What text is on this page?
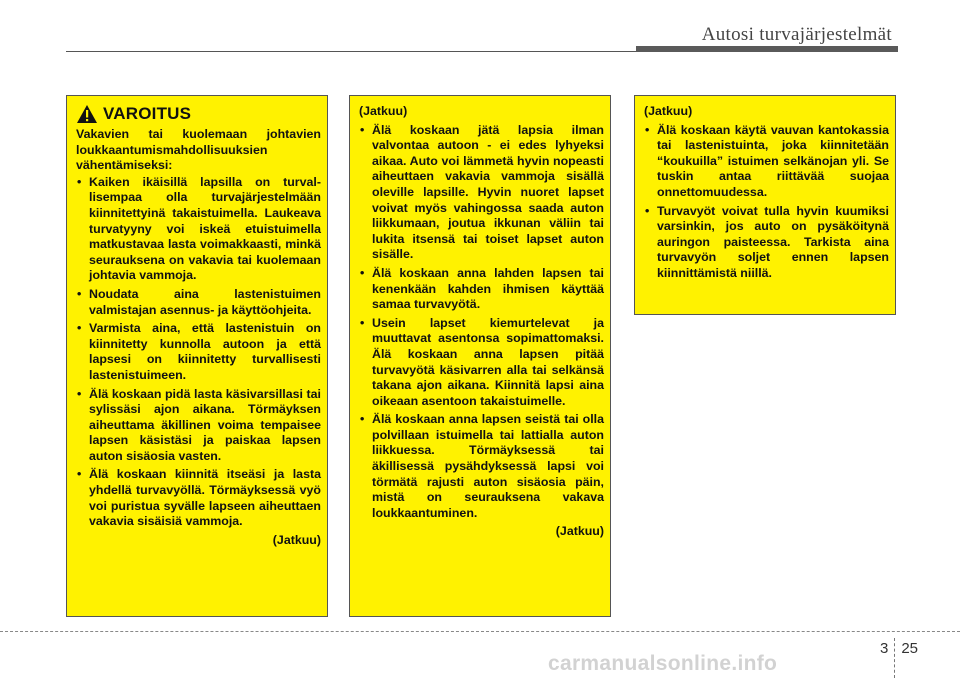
Autosi turvajärjestelmät
VAROITUS

Vakavien tai kuolemaan johtavien loukkaantumismahdollisuuksien vähentämiseksi:

• Kaiken ikäisillä lapsilla on turvallisempaa olla turvajärjestelmään kiinnitettyinä takaistuimella. Laukeava turvatyyny voi iskeä etuistuimella matkustavaa lasta voimakkaasti, minkä seurauksena on vakavia tai kuolemaan johtavia vammoja.
• Noudata aina lastenistuimen valmistajan asennus- ja käyttöohjeita.
• Varmista aina, että lastenistuin on kiinnitetty kunnolla autoon ja että lapsesi on kiinnitetty turvallisesti lastenistuimeen.
• Älä koskaan pidä lasta käsivarsillasi tai sylissäsi ajon aikana. Törmäyksen aiheuttama äkillinen voima tempaisee lapsen käsistäsi ja paiskaa lapsen auton sisäosia vasten.
• Älä koskaan kiinnitä itseäsi ja lasta yhdellä turvavyöllä. Törmäyksessä vyö voi puristua syvälle lapseen aiheuttaen vakavia sisäisiä vammoja.
(Jatkuu)
(Jatkuu)
• Älä koskaan jätä lapsia ilman valvontaa autoon - ei edes lyhyeksi aikaa. Auto voi lämmetä hyvin nopeasti aiheuttaen vakavia vammoja sisällä oleville lapsille. Hyvin nuoret lapset voivat myös vahingossa saada auton liikkumaan, joutua ikkunan väliin tai lukita itsensä tai toiset lapset auton sisälle.
• Älä koskaan anna lahden lapsen tai kenenkään kahden ihmisen käyttää samaa turvavyötä.
• Usein lapset kiemurtelevat ja muuttavat asentonsa sopimattomaksi. Älä koskaan anna lapsen pitää turvavyötä käsivarren alla tai selkänsä takana ajon aikana. Kiinnitä lapsi aina oikeaan asentoon takaistuimelle.
• Älä koskaan anna lapsen seistä tai olla polvillaan istuimella tai lattialla auton liikkuessa. Törmäyksessä tai äkillisessä pysähdyksessä lapsi voi törmätä rajusti auton sisäosia päin, mistä on seurauksena vakava loukkaantuminen.
(Jatkuu)
(Jatkuu)
• Älä koskaan käytä vauvan kantokassia tai lastenistuinta, joka kiinnitetään “koukuilla” istuimen selkänojan yli. Se tuskin antaa riittävää suojaa onnettomuudessa.
• Turvavyöt voivat tulla hyvin kuumiksi varsinkin, jos auto on pysäköitynä auringon paisteessa. Tarkista aina turvavyön soljet ennen lapsen kiinnittämistä niillä.
3 25
carmanualsonline.info
